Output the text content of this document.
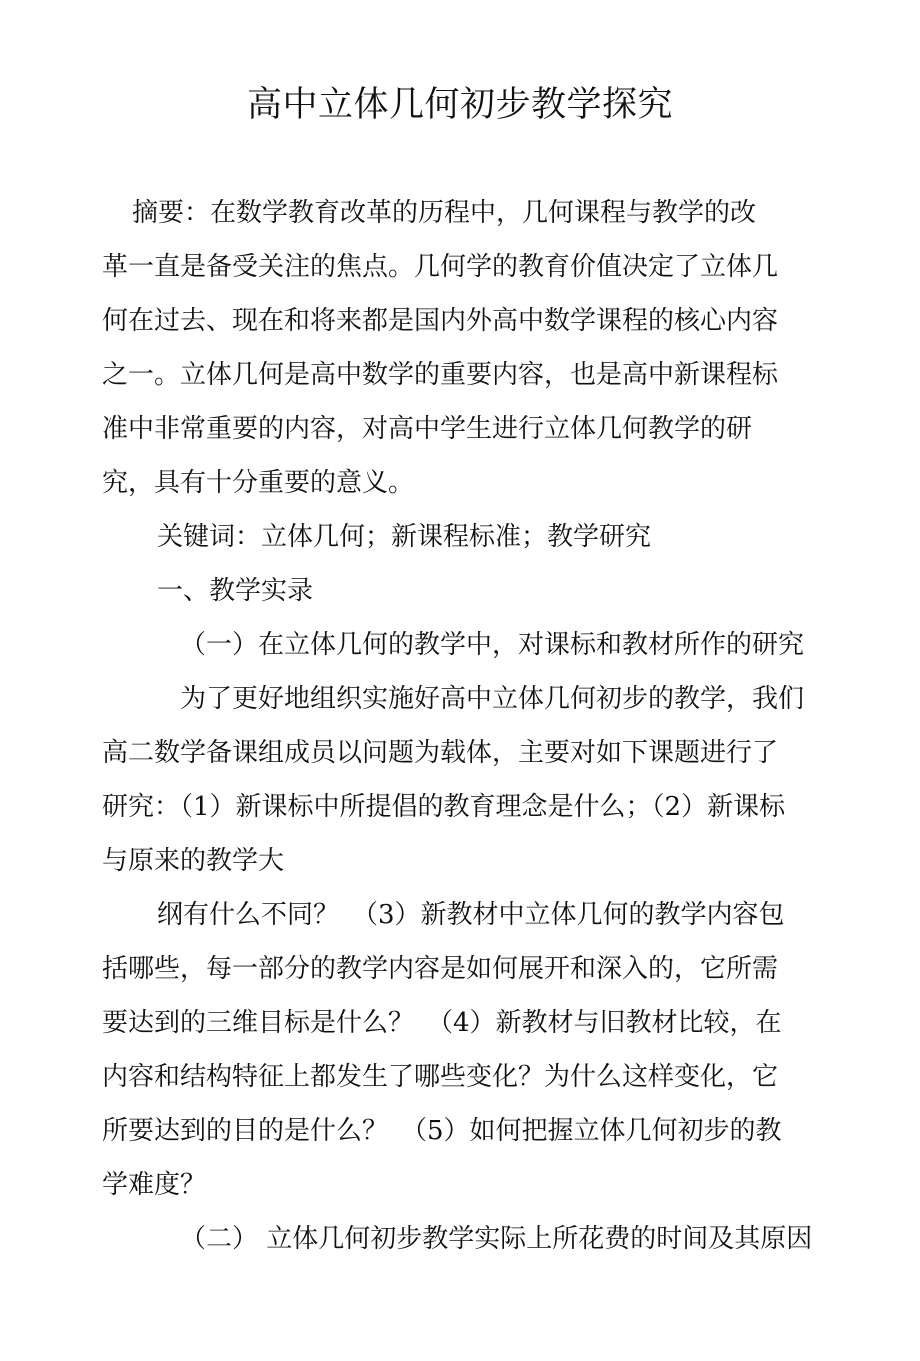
高中立体几何初步教学探究
摘要：在数学教育改革的历程中，几何课程与教学的改
革一直是备受关注的焦点。几何学的教育价值决定了立体几
何在过去、现在和将来都是国内外高中数学课程的核心内容
之一。立体几何是高中数学的重要内容，也是高中新课程标
准中非常重要的内容，对高中学生进行立体几何教学的研
究，具有十分重要的意义。
关键词：立体几何；新课程标准；教学研究
一、教学实录
（一）在立体几何的教学中，对课标和教材所作的研究
为了更好地组织实施好高中立体几何初步的教学，我们
高二数学备课组成员以问题为载体，主要对如下课题进行了
研究：（1）新课标中所提倡的教育理念是什么；（2）新课标
与原来的教学大
纲有什么不同？　（3）新教材中立体几何的教学内容包
括哪些，每一部分的教学内容是如何展开和深入的，它所需
要达到的三维目标是什么？　（4）新教材与旧教材比较，在
内容和结构特征上都发生了哪些变化？为什么这样变化，它
所要达到的目的是什么？　（5）如何把握立体几何初步的教
学难度？
（二） 立体几何初步教学实际上所花费的时间及其原因
